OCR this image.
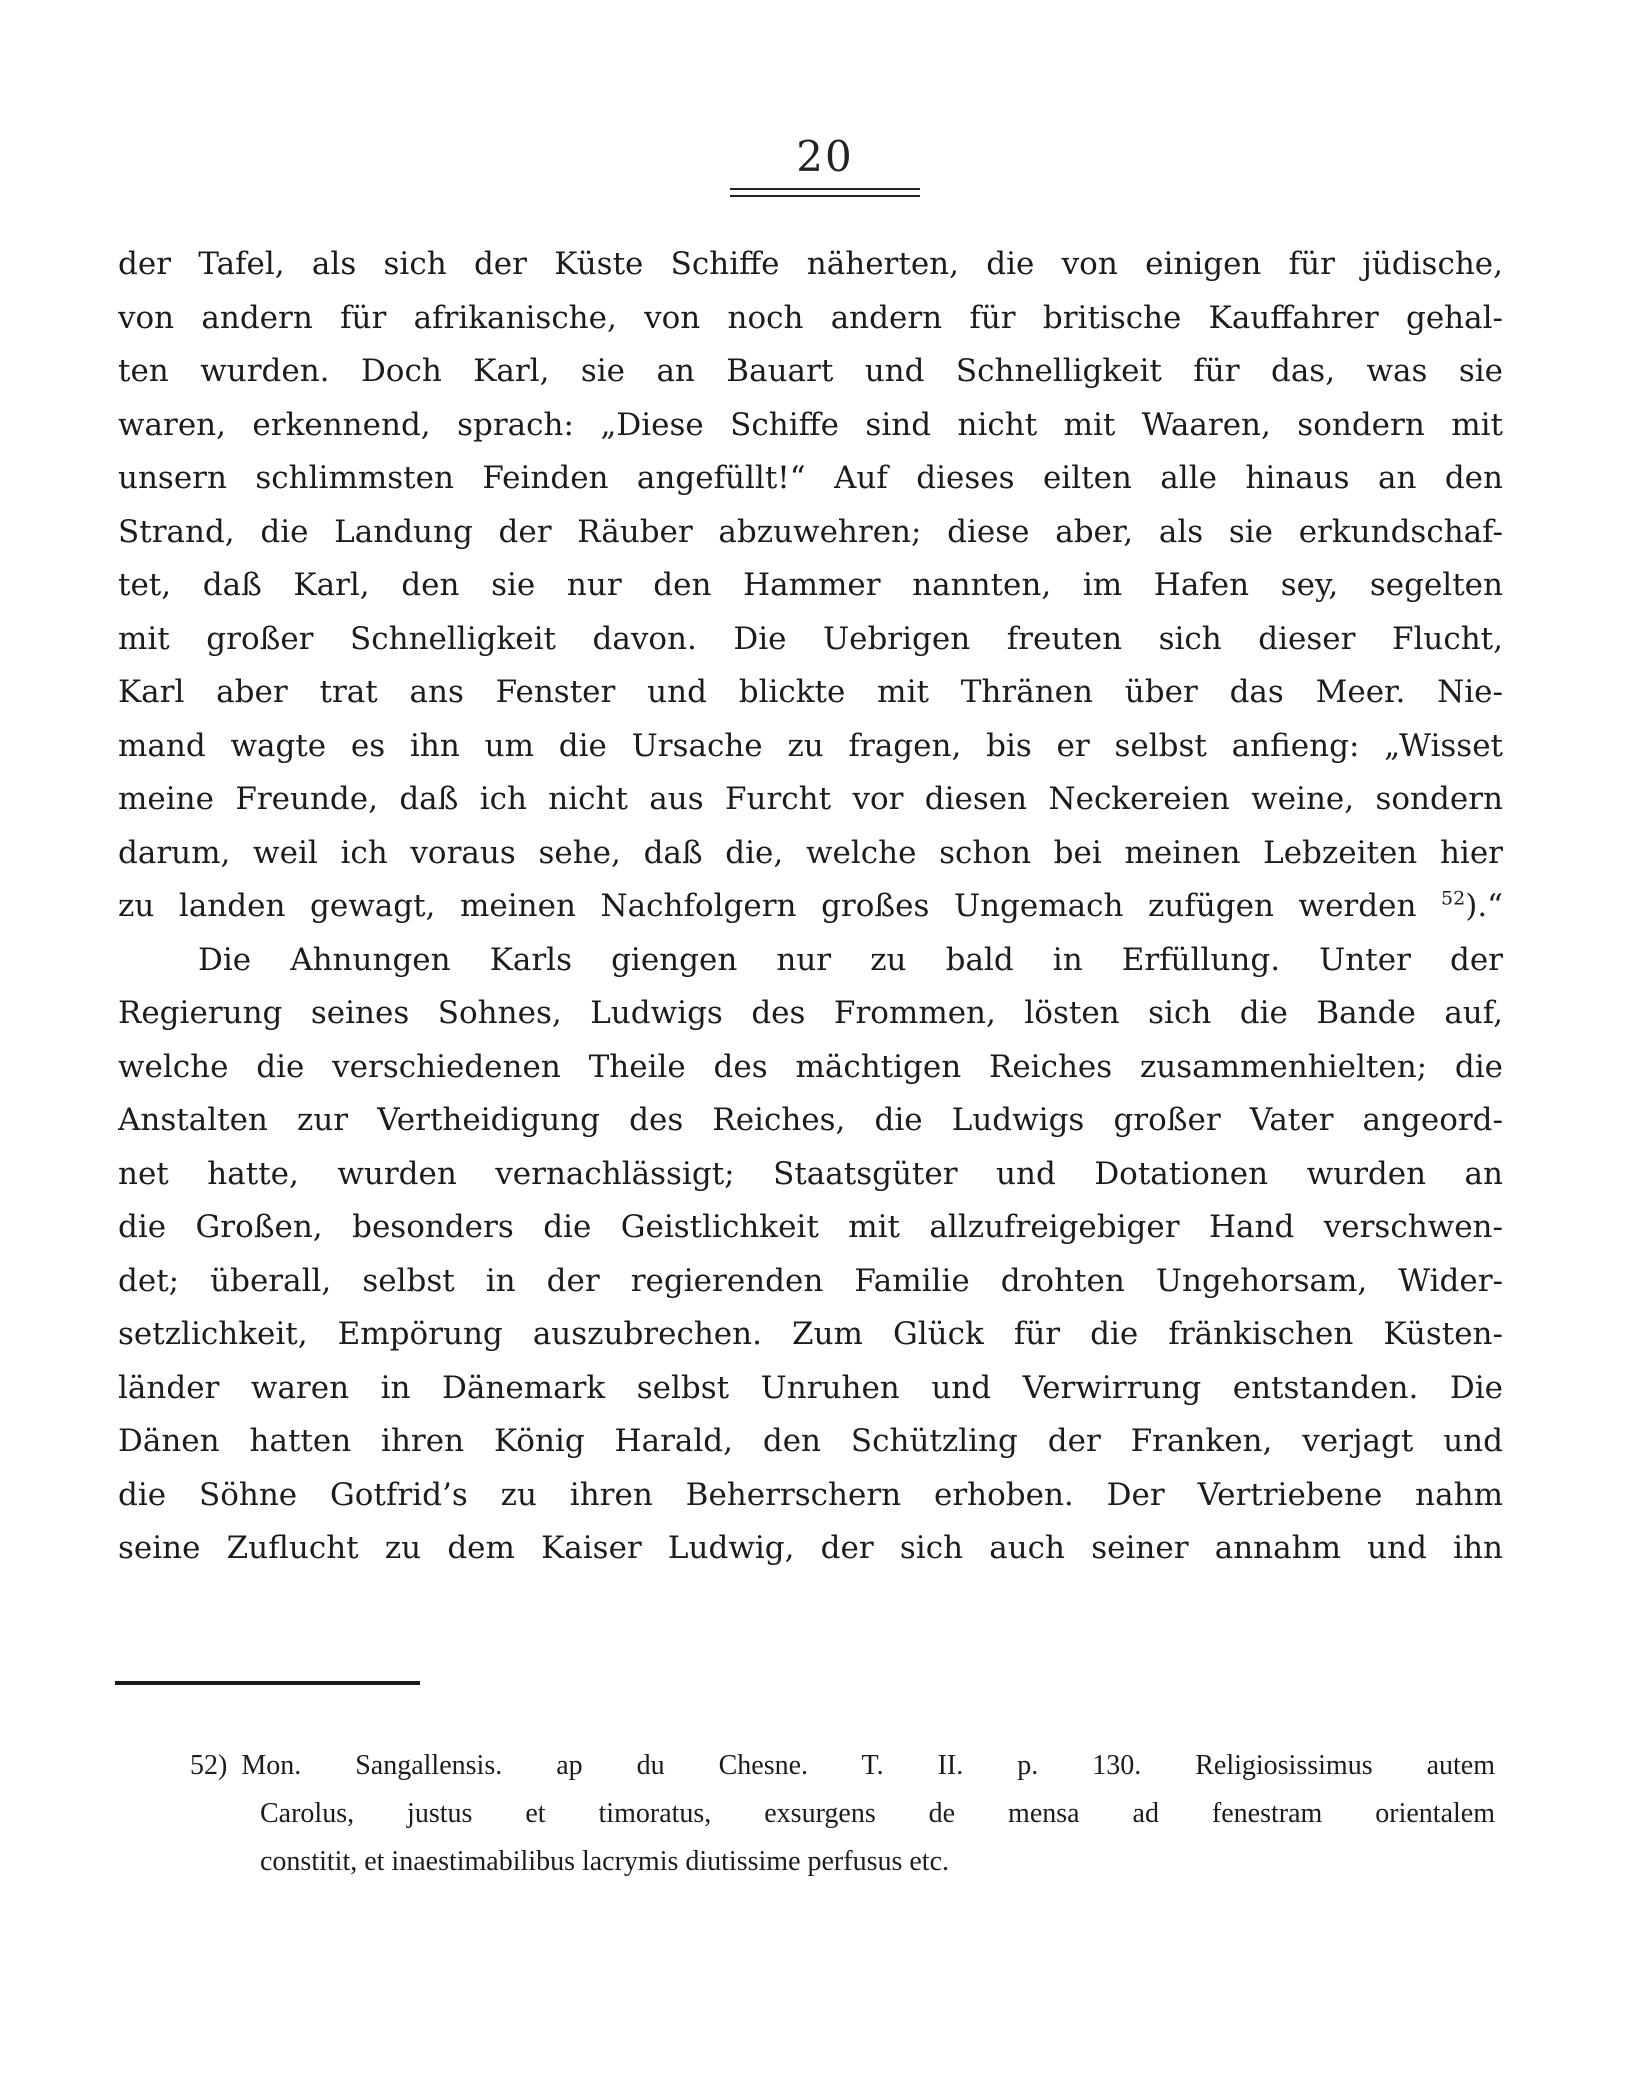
20
der Tafel, als sich der Küste Schiffe näherten, die von einigen für jüdische,
von andern für afrikanische, von noch andern für britische Kauffahrer gehal-
ten wurden. Doch Karl, sie an Bauart und Schnelligkeit für das, was sie
waren, erkennend, sprach: „Diese Schiffe sind nicht mit Waaren, sondern mit
unsern schlimmsten Feinden angefüllt!“ Auf dieses eilten alle hinaus an den
Strand, die Landung der Räuber abzuwehren; diese aber, als sie erkundschaf-
tet, daß Karl, den sie nur den Hammer nannten, im Hafen sey, segelten
mit großer Schnelligkeit davon. Die Uebrigen freuten sich dieser Flucht,
Karl aber trat ans Fenster und blickte mit Thränen über das Meer. Nie-
mand wagte es ihn um die Ursache zu fragen, bis er selbst anfieng: „Wisset
meine Freunde, daß ich nicht aus Furcht vor diesen Neckereien weine, sondern
darum, weil ich voraus sehe, daß die, welche schon bei meinen Lebzeiten hier
zu landen gewagt, meinen Nachfolgern großes Ungemach zufügen werden $^{52}$).“
Die Ahnungen Karls giengen nur zu bald in Erfüllung. Unter der
Regierung seines Sohnes, Ludwigs des Frommen, lösten sich die Bande auf,
welche die verschiedenen Theile des mächtigen Reiches zusammenhielten; die
Anstalten zur Vertheidigung des Reiches, die Ludwigs großer Vater angeord-
net hatte, wurden vernachlässigt; Staatsgüter und Dotationen wurden an
die Großen, besonders die Geistlichkeit mit allzufreigebiger Hand verschwen-
det; überall, selbst in der regierenden Familie drohten Ungehorsam, Wider-
setzlichkeit, Empörung auszubrechen. Zum Glück für die fränkischen Küsten-
länder waren in Dänemark selbst Unruhen und Verwirrung entstanden. Die
Dänen hatten ihren König Harald, den Schützling der Franken, verjagt und
die Söhne Gotfrid’s zu ihren Beherrschern erhoben. Der Vertriebene nahm
seine Zuflucht zu dem Kaiser Ludwig, der sich auch seiner annahm und ihn
52) Mon. Sangallensis. ap du Chesne. T. II. p. 130. Religiosissimus autem
Carolus, justus et timoratus, exsurgens de mensa ad fenestram orientalem
constitit, et inaestimabilibus lacrymis diutissime perfusus etc.
